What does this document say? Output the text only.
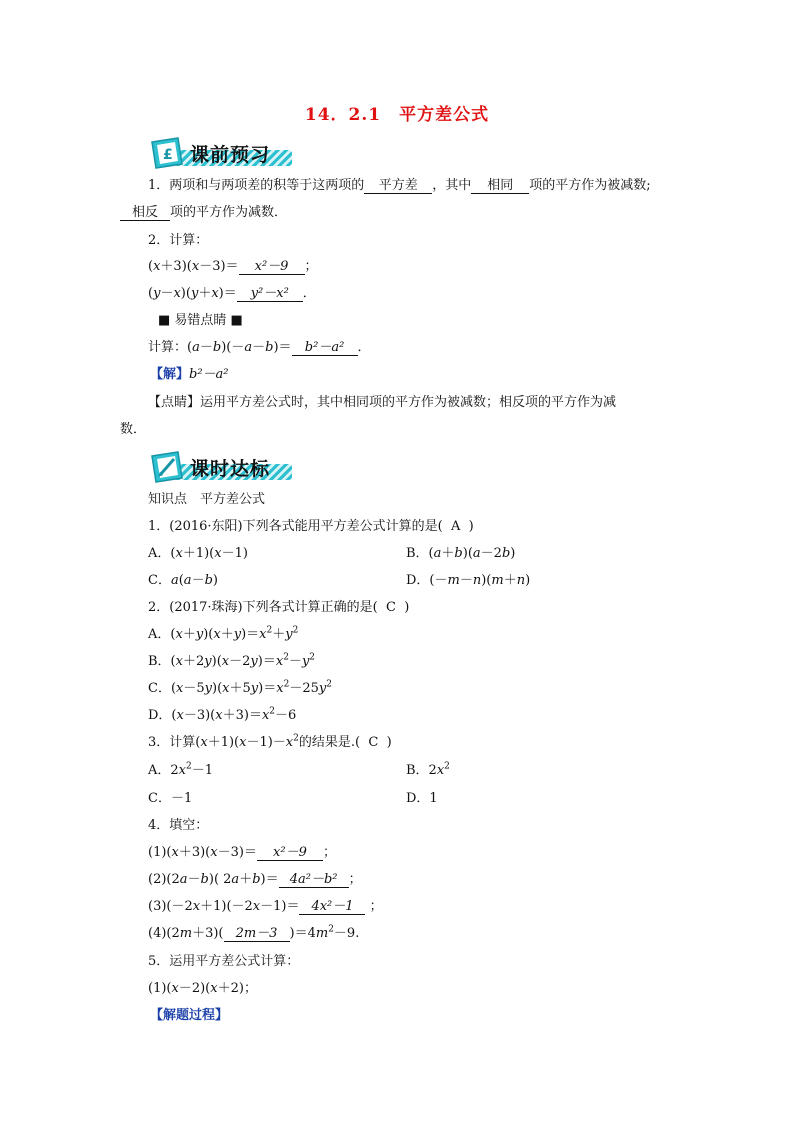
14．2.1　平方差公式
£ 课前预习
1．两项和与两项差的积等于这两项的 平方差 ，其中 相同 项的平方作为被减数;
相反 项的平方作为减数．
2．计算：
(x＋3)(x－3)＝ x²－9 ；
(y－x)(y＋x)＝ y²－x² ．
■ 易错点睛 ■
计算：(a－b)(－a－b)＝ b²－a² ．
【解】b²－a²
【点睛】运用平方差公式时，其中相同项的平方作为被减数；相反项的平方作为减
数．
课时达标
知识点　平方差公式
1．(2016·东阳)下列各式能用平方差公式计算的是( A )
A．(x＋1)(x－1)	B．(a＋b)(a－2b)
C．a(a－b)	D．(－m－n)(m＋n)
2．(2017·珠海)下列各式计算正确的是( C )
A．$(x+y)(x+y)=x^2+y^2$
B．$(x+2y)(x-2y)=x^2-y^2$
C．$(x-5y)(x+5y)=x^2-25y^2$
D．$(x-3)(x+3)=x^2-6$
3．计算$(x+1)(x-1)-x^2$的结果是.(  C  )
A．$2x^2-1$	B．$2x^2$
C．－1	D．1
4．填空：
(1)(x＋3)(x－3)＝ x²－9 ；
(2)(2a－b)( 2a＋b)＝ 4a²－b² ；
(3)(－2x＋1)(－2x－1)＝ 4x²－1 ；
(4)(2m＋3)( 2m－3 )$=4m^2-9$.
5．运用平方差公式计算：
(1)(x－2)(x＋2)；
【解题过程】
